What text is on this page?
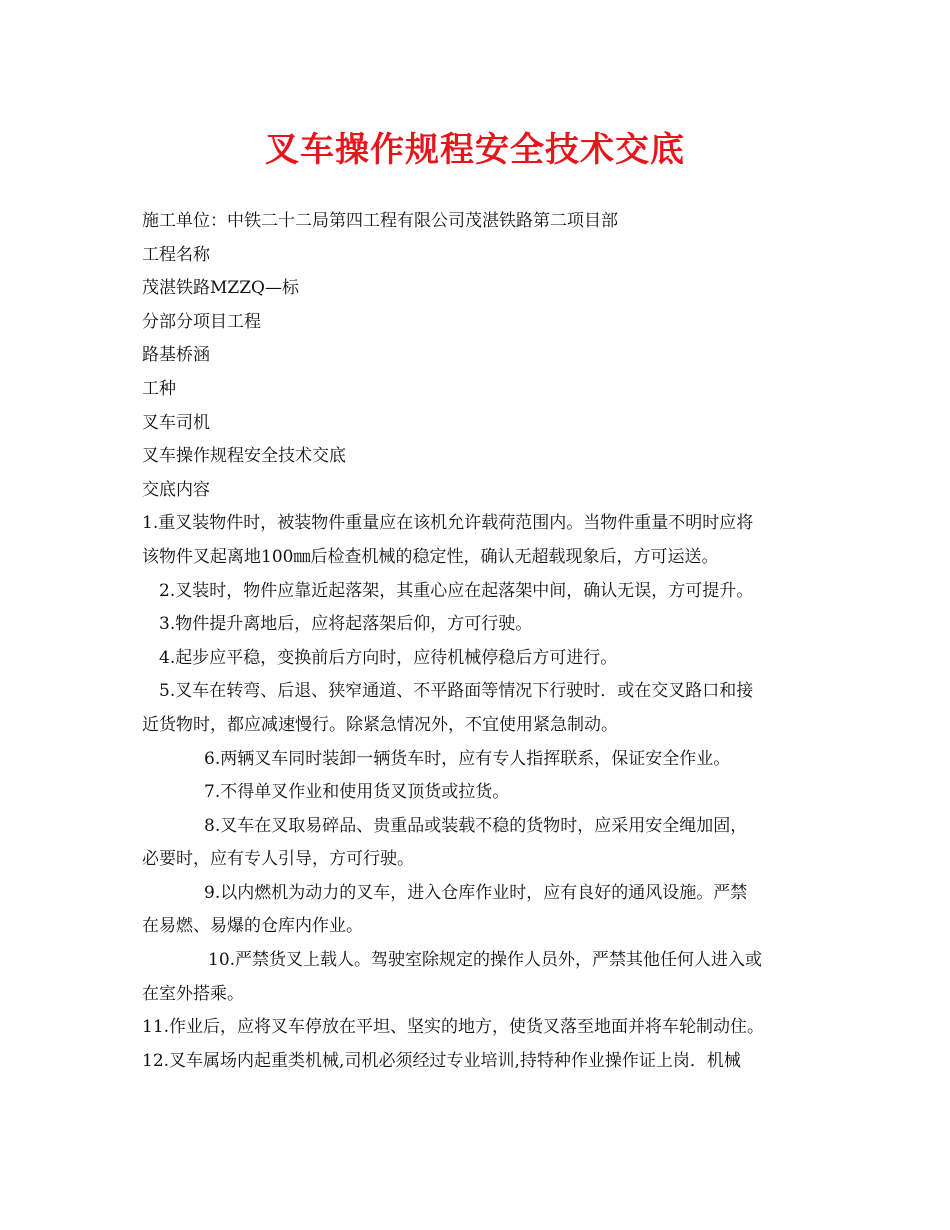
叉车操作规程安全技术交底
施工单位：中铁二十二局第四工程有限公司茂湛铁路第二项目部
工程名称
茂湛铁路MZZQ—标
分部分项目工程
路基桥涵
工种
叉车司机
叉车操作规程安全技术交底
交底内容
1.重叉装物件时，被装物件重量应在该机允许载荷范围内。当物件重量不明时应将
该物件叉起离地100㎜后检查机械的稳定性，确认无超载现象后，方可运送。
2.叉装时，物件应靠近起落架，其重心应在起落架中间，确认无误，方可提升。
3.物件提升离地后，应将起落架后仰，方可行驶。
4.起步应平稳，变换前后方向时，应待机械停稳后方可进行。
5.叉车在转弯、后退、狭窄通道、不平路面等情况下行驶时．或在交叉路口和接
近货物时，都应减速慢行。除紧急情况外，不宜使用紧急制动。
6.两辆叉车同时装卸一辆货车时，应有专人指挥联系，保证安全作业。
7.不得单叉作业和使用货叉顶货或拉货。
8.叉车在叉取易碎品、贵重品或装载不稳的货物时，应采用安全绳加固，
必要时，应有专人引导，方可行驶。
9.以内燃机为动力的叉车，进入仓库作业时，应有良好的通风设施。严禁
在易燃、易爆的仓库内作业。
10.严禁货叉上载人。驾驶室除规定的操作人员外，严禁其他任何人进入或
在室外搭乘。
11.作业后，应将叉车停放在平坦、坚实的地方，使货叉落至地面并将车轮制动住。
12.叉车属场内起重类机械,司机必须经过专业培训,持特种作业操作证上岗．机械
